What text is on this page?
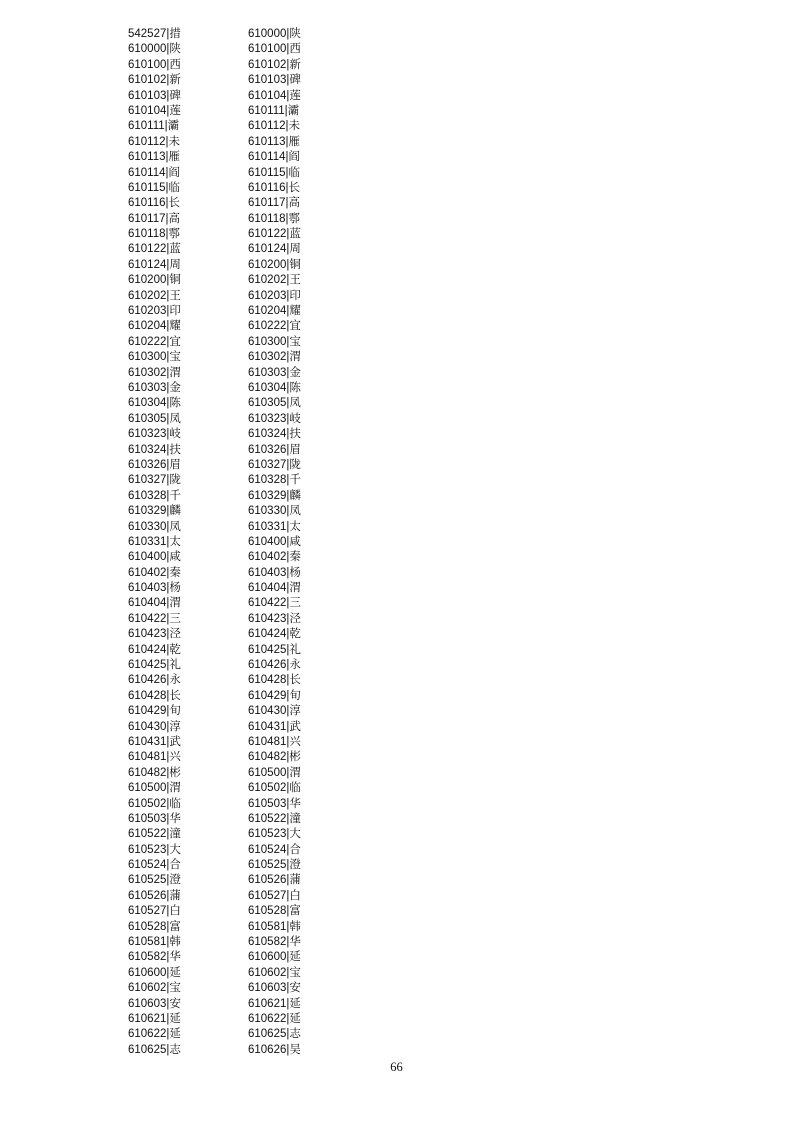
542527|措
610000|陕
610100|西
610102|新
610103|碑
610104|莲
610111|灞
610112|未
610113|雁
610114|阎
610115|临
610116|长
610117|高
610118|鄠
610122|蓝
610124|周
610200|铜
610202|王
610203|印
610204|耀
610222|宜
610300|宝
610302|渭
610303|金
610304|陈
610305|凤
610323|岐
610324|扶
610326|眉
610327|陇
610328|千
610329|麟
610330|凤
610331|太
610400|咸
610402|秦
610403|杨
610404|渭
610422|三
610423|泾
610424|乾
610425|礼
610426|永
610428|长
610429|旬
610430|淳
610431|武
610481|兴
610482|彬
610500|渭
610502|临
610503|华
610522|潼
610523|大
610524|合
610525|澄
610526|蒲
610527|白
610528|富
610581|韩
610582|华
610600|延
610602|宝
610603|安
610621|延
610622|延
610625|志
610000|陕
610100|西
610102|新
610103|碑
610104|莲
610111|灞
610112|未
610113|雁
610114|阎
610115|临
610116|长
610117|高
610118|鄠
610122|蓝
610124|周
610200|铜
610202|王
610203|印
610204|耀
610222|宜
610300|宝
610302|渭
610303|金
610304|陈
610305|凤
610323|岐
610324|扶
610326|眉
610327|陇
610328|千
610329|麟
610330|凤
610331|太
610400|咸
610402|秦
610403|杨
610404|渭
610422|三
610423|泾
610424|乾
610425|礼
610426|永
610428|长
610429|旬
610430|淳
610431|武
610481|兴
610482|彬
610500|渭
610502|临
610503|华
610522|潼
610523|大
610524|合
610525|澄
610526|蒲
610527|白
610528|富
610581|韩
610582|华
610600|延
610602|宝
610603|安
610621|延
610622|延
610625|志
610626|吴
66
